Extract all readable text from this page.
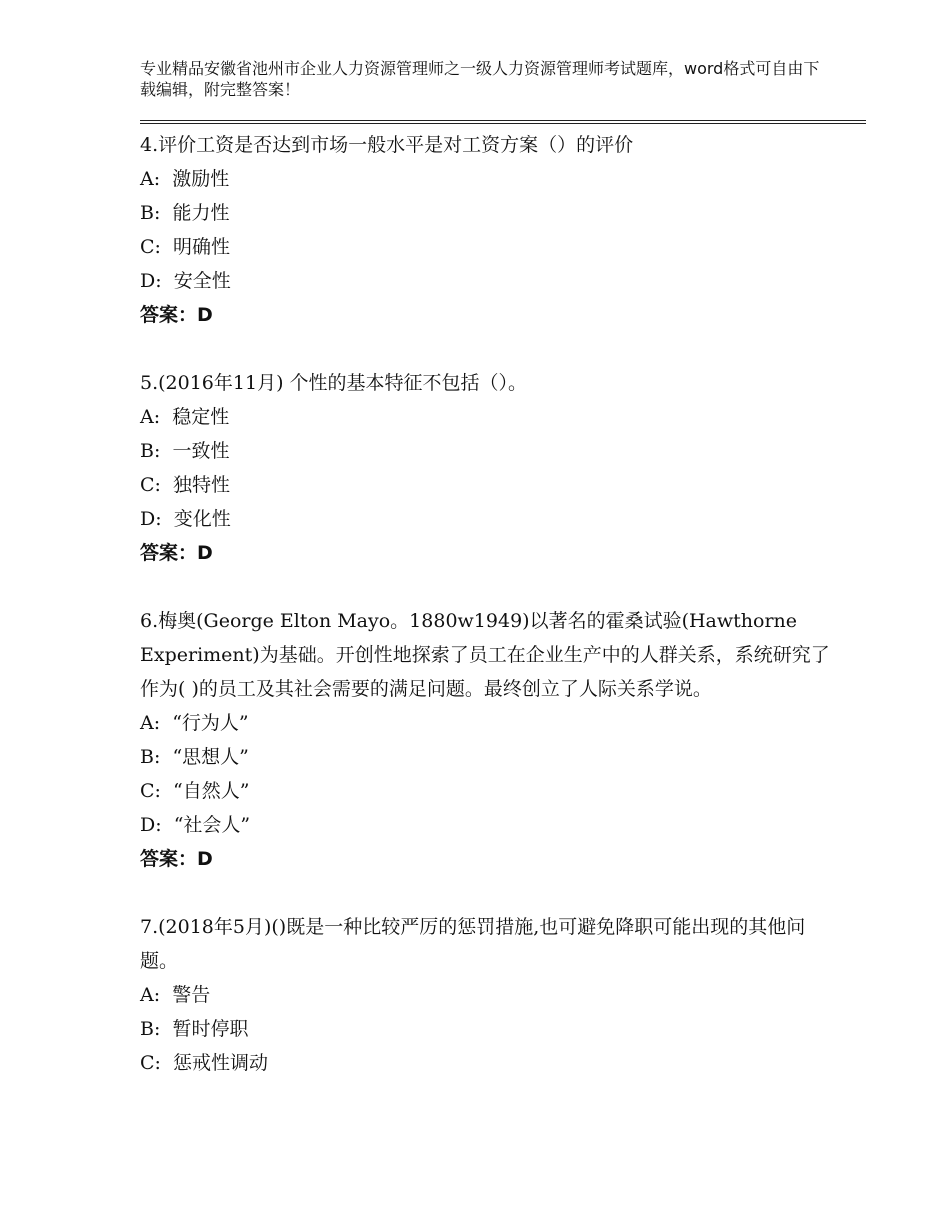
专业精品安徽省池州市企业人力资源管理师之一级人力资源管理师考试题库，word格式可自由下载编辑，附完整答案！

4.评价工资是否达到市场一般水平是对工资方案（）的评价

A:  激励性

B:  能力性

C:  明确性

D:  安全性

答案：D

5.(2016年11月) 个性的基本特征不包括（）。

A:  稳定性

B:  一致性

C:  独特性

D:  变化性

答案：D

6.梅奥(George Elton Mayo。1880w1949)以著名的霍桑试验(Hawthorne Experiment)为基础。开创性地探索了员工在企业生产中的人群关系，系统研究了作为( )的员工及其社会需要的满足问题。最终创立了人际关系学说。

A:  “行为人”

B:  “思想人”

C:  “自然人”

D:  “社会人”

答案：D

7.(2018年5月)()既是一种比较严厉的惩罚措施,也可避免降职可能出现的其他问题。

A:  警告

B:  暂时停职

C:  惩戒性调动
